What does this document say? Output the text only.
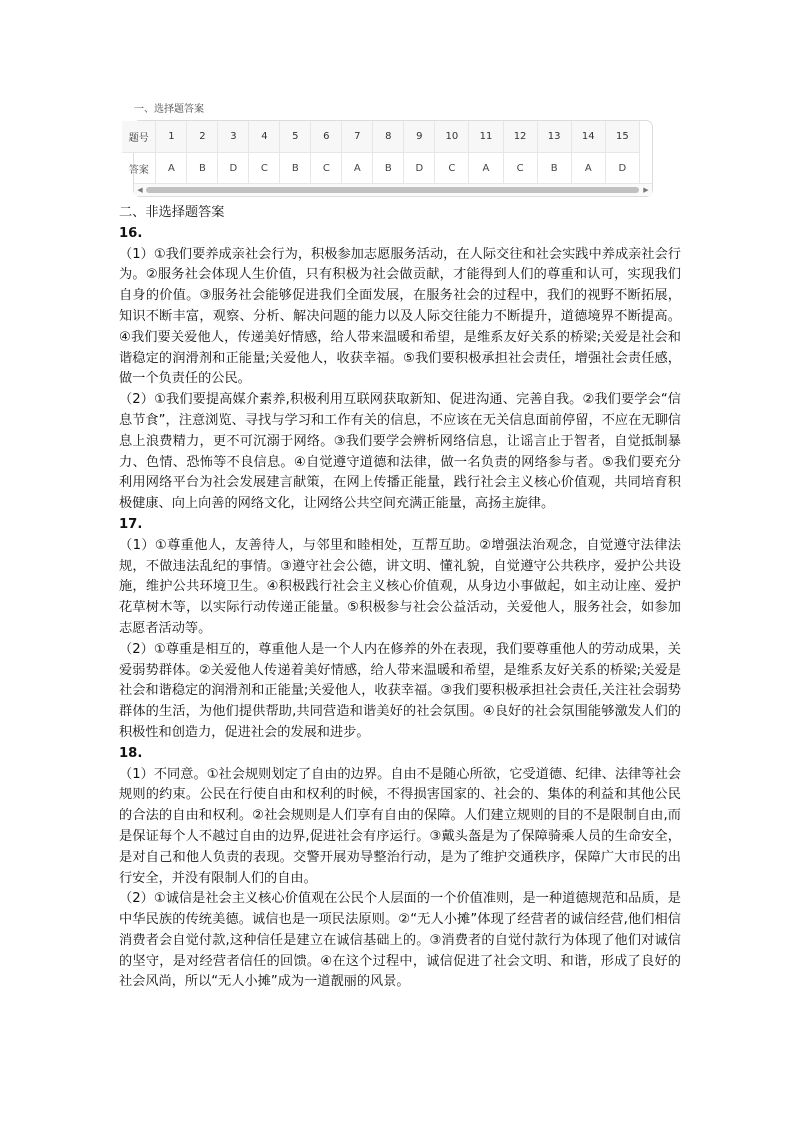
一、选择题答案

题号	1	2	3	4	5	6	7	8	9	10	11	12	13	14	15
答案	A	B	D	C	B	C	A	B	D	C	A	C	B	A	D
◀	▶

二、非选择题答案

16.

（1）①我们要养成亲社会行为，积极参加志愿服务活动，在人际交往和社会实践中养成亲社会行为。②服务社会体现人生价值，只有积极为社会做贡献，才能得到人们的尊重和认可，实现我们自身的价值。③服务社会能够促进我们全面发展，在服务社会的过程中，我们的视野不断拓展，知识不断丰富，观察、分析、解决问题的能力以及人际交往能力不断提升，道德境界不断提高。④我们要关爱他人，传递美好情感，给人带来温暖和希望，是维系友好关系的桥梁;关爱是社会和谐稳定的润滑剂和正能量;关爱他人，收获幸福。⑤我们要积极承担社会责任，增强社会责任感，做一个负责任的公民。

（2）①我们要提高媒介素养,积极利用互联网获取新知、促进沟通、完善自我。②我们要学会“信息节食”，注意浏览、寻找与学习和工作有关的信息，不应该在无关信息面前停留，不应在无聊信息上浪费精力，更不可沉溺于网络。③我们要学会辨析网络信息，让谣言止于智者，自觉抵制暴力、色情、恐怖等不良信息。④自觉遵守道德和法律，做一名负责的网络参与者。⑤我们要充分利用网络平台为社会发展建言献策，在网上传播正能量，践行社会主义核心价值观，共同培育积极健康、向上向善的网络文化，让网络公共空间充满正能量，高扬主旋律。

17.

（1）①尊重他人，友善待人，与邻里和睦相处，互帮互助。②增强法治观念，自觉遵守法律法规，不做违法乱纪的事情。③遵守社会公德，讲文明、懂礼貌，自觉遵守公共秩序，爱护公共设施，维护公共环境卫生。④积极践行社会主义核心价值观，从身边小事做起，如主动让座、爱护花草树木等，以实际行动传递正能量。⑤积极参与社会公益活动，关爱他人，服务社会，如参加志愿者活动等。

（2）①尊重是相互的，尊重他人是一个人内在修养的外在表现，我们要尊重他人的劳动成果，关爱弱势群体。②关爱他人传递着美好情感，给人带来温暖和希望，是维系友好关系的桥梁;关爱是社会和谐稳定的润滑剂和正能量;关爱他人，收获幸福。③我们要积极承担社会责任,关注社会弱势群体的生活，为他们提供帮助,共同营造和谐美好的社会氛围。④良好的社会氛围能够激发人们的积极性和创造力，促进社会的发展和进步。

18.

（1）不同意。①社会规则划定了自由的边界。自由不是随心所欲，它受道德、纪律、法律等社会规则的约束。公民在行使自由和权利的时候，不得损害国家的、社会的、集体的利益和其他公民的合法的自由和权利。②社会规则是人们享有自由的保障。人们建立规则的目的不是限制自由,而是保证每个人不越过自由的边界,促进社会有序运行。③戴头盔是为了保障骑乘人员的生命安全，是对自己和他人负责的表现。交警开展劝导整治行动，是为了维护交通秩序，保障广大市民的出行安全，并没有限制人们的自由。

（2）①诚信是社会主义核心价值观在公民个人层面的一个价值准则，是一种道德规范和品质，是中华民族的传统美德。诚信也是一项民法原则。②“无人小摊”体现了经营者的诚信经营,他们相信消费者会自觉付款,这种信任是建立在诚信基础上的。③消费者的自觉付款行为体现了他们对诚信的坚守，是对经营者信任的回馈。④在这个过程中，诚信促进了社会文明、和谐，形成了良好的社会风尚，所以“无人小摊”成为一道靓丽的风景。
